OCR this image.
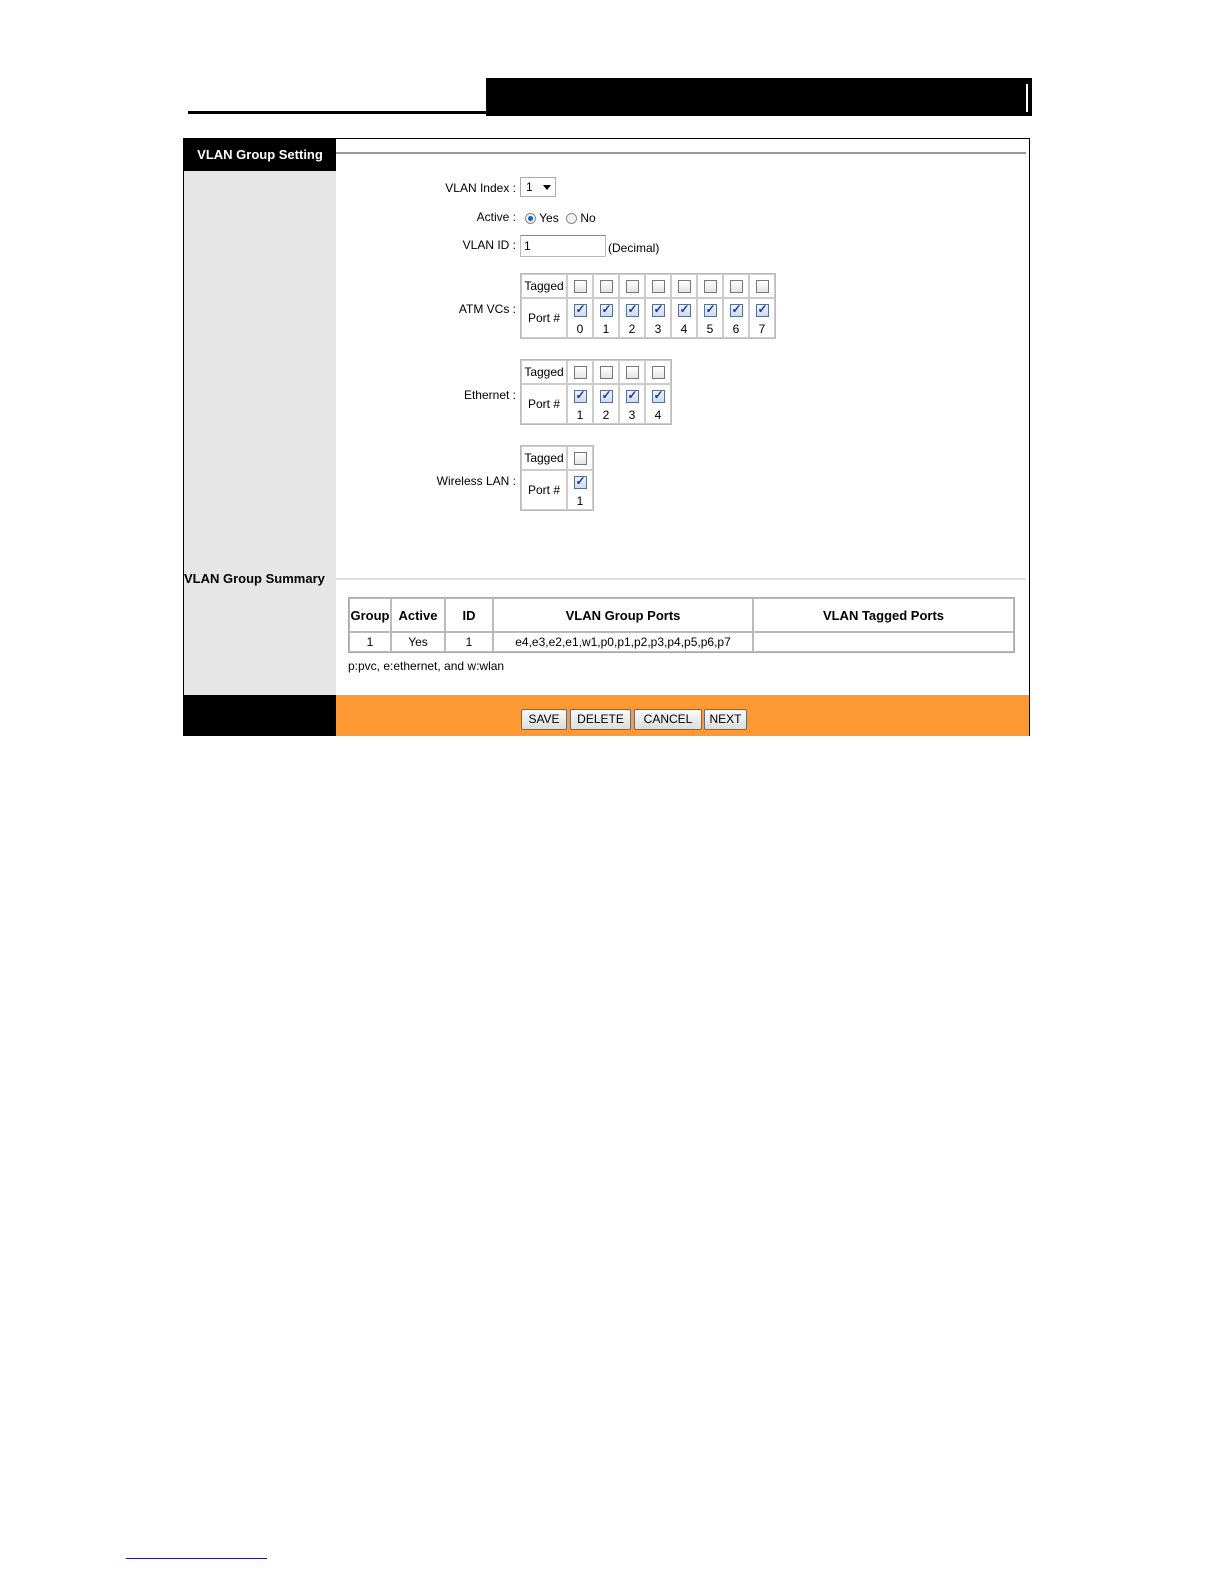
VLAN Group Setting
VLAN Index : 1
Active :	Yes No
VLAN ID : 1	(Decimal)
ATM VCs :
Tagged								
Port #	✓	✓	✓	✓	✓	✓	✓	✓
	0	1	2	3	4	5	6	7
Ethernet :
Tagged				
Port #	✓	✓	✓	✓
	1	2	3	4
Wireless LAN :
Tagged	
Port #	✓
	1
VLAN Group Summary
Group	Active	ID	VLAN Group Ports	VLAN Tagged Ports
1	Yes	1	e4,e3,e2,e1,w1,p0,p1,p2,p3,p4,p5,p6,p7	
p:pvc, e:ethernet, and w:wlan
SAVE	DELETE	CANCEL	NEXT
